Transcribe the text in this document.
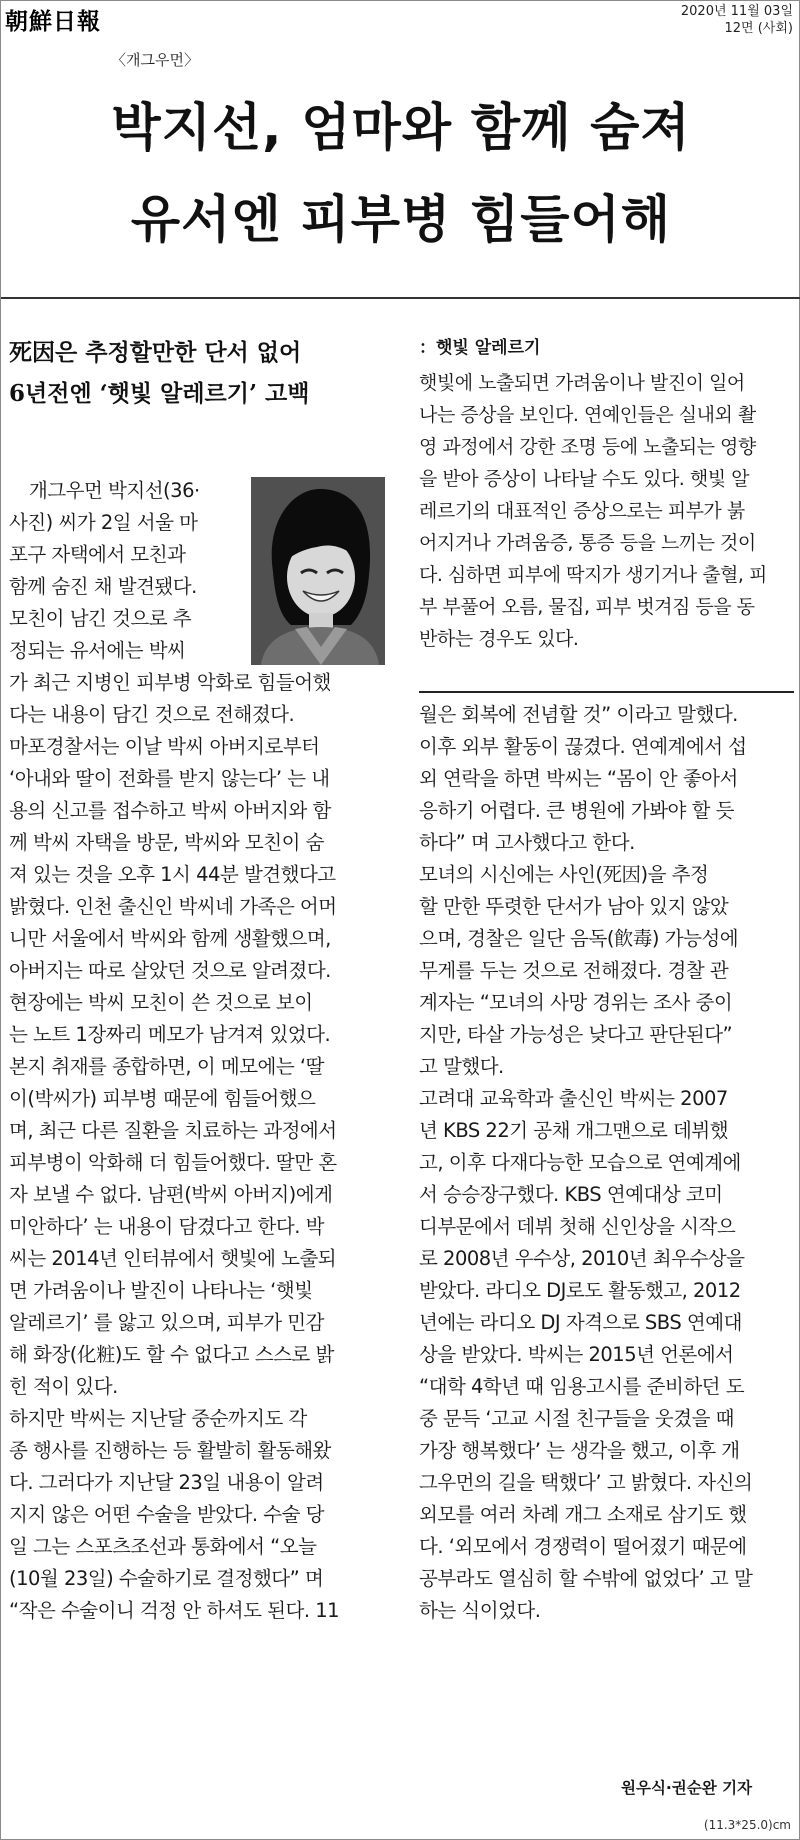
朝鮮日報	2020년 11월 03일
12면 (사회)
〈개그우먼〉
박지선, 엄마와 함께 숨져
유서엔 피부병 힘들어해
死因은 추정할만한 단서 없어
6년전엔 ‘햇빛 알레르기’ 고백
개그우먼 박지선(36·
사진) 씨가 2일 서울 마
포구 자택에서 모친과
함께 숨진 채 발견됐다.
모친이 남긴 것으로 추
정되는 유서에는 박씨
가 최근 지병인 피부병 악화로 힘들어했
다는 내용이 담긴 것으로 전해졌다.
마포경찰서는 이날 박씨 아버지로부터
‘아내와 딸이 전화를 받지 않는다’ 는 내
용의 신고를 접수하고 박씨 아버지와 함
께 박씨 자택을 방문, 박씨와 모친이 숨
져 있는 것을 오후 1시 44분 발견했다고
밝혔다. 인천 출신인 박씨네 가족은 어머
니만 서울에서 박씨와 함께 생활했으며,
아버지는 따로 살았던 것으로 알려졌다.
현장에는 박씨 모친이 쓴 것으로 보이
는 노트 1장짜리 메모가 남겨져 있었다.
본지 취재를 종합하면, 이 메모에는 ‘딸
이(박씨가) 피부병 때문에 힘들어했으
며, 최근 다른 질환을 치료하는 과정에서
피부병이 악화해 더 힘들어했다. 딸만 혼
자 보낼 수 없다. 남편(박씨 아버지)에게
미안하다’ 는 내용이 담겼다고 한다. 박
씨는 2014년 인터뷰에서 햇빛에 노출되
면 가려움이나 발진이 나타나는 ‘햇빛
알레르기’ 를 앓고 있으며, 피부가 민감
해 화장(化粧)도 할 수 없다고 스스로 밝
힌 적이 있다.
하지만 박씨는 지난달 중순까지도 각
종 행사를 진행하는 등 활발히 활동해왔
다. 그러다가 지난달 23일 내용이 알려
지지 않은 어떤 수술을 받았다. 수술 당
일 그는 스포츠조선과 통화에서 “오늘
(10월 23일) 수술하기로 결정했다” 며
“작은 수술이니 걱정 안 하셔도 된다. 11
：햇빛 알레르기
햇빛에 노출되면 가려움이나 발진이 일어
나는 증상을 보인다. 연예인들은 실내외 촬
영 과정에서 강한 조명 등에 노출되는 영향
을 받아 증상이 나타날 수도 있다. 햇빛 알
레르기의 대표적인 증상으로는 피부가 붉
어지거나 가려움증, 통증 등을 느끼는 것이
다. 심하면 피부에 딱지가 생기거나 출혈, 피
부 부풀어 오름, 물집, 피부 벗겨짐 등을 동
반하는 경우도 있다.
월은 회복에 전념할 것” 이라고 말했다.
이후 외부 활동이 끊겼다. 연예계에서 섭
외 연락을 하면 박씨는 “몸이 안 좋아서
응하기 어렵다. 큰 병원에 가봐야 할 듯
하다” 며 고사했다고 한다.
모녀의 시신에는 사인(死因)을 추정
할 만한 뚜렷한 단서가 남아 있지 않았
으며, 경찰은 일단 음독(飮毒) 가능성에
무게를 두는 것으로 전해졌다. 경찰 관
계자는 “모녀의 사망 경위는 조사 중이
지만, 타살 가능성은 낮다고 판단된다”
고 말했다.
고려대 교육학과 출신인 박씨는 2007
년 KBS 22기 공채 개그맨으로 데뷔했
고, 이후 다재다능한 모습으로 연예계에
서 승승장구했다. KBS 연예대상 코미
디부문에서 데뷔 첫해 신인상을 시작으
로 2008년 우수상, 2010년 최우수상을
받았다. 라디오 DJ로도 활동했고, 2012
년에는 라디오 DJ 자격으로 SBS 연예대
상을 받았다. 박씨는 2015년 언론에서
“대학 4학년 때 임용고시를 준비하던 도
중 문득 ‘고교 시절 친구들을 웃겼을 때
가장 행복했다’ 는 생각을 했고, 이후 개
그우먼의 길을 택했다’ 고 밝혔다. 자신의
외모를 여러 차례 개그 소재로 삼기도 했
다. ‘외모에서 경쟁력이 떨어졌기 때문에
공부라도 열심히 할 수밖에 없었다’ 고 말
하는 식이었다.
원우식·권순완 기자
(11.3*25.0)cm
